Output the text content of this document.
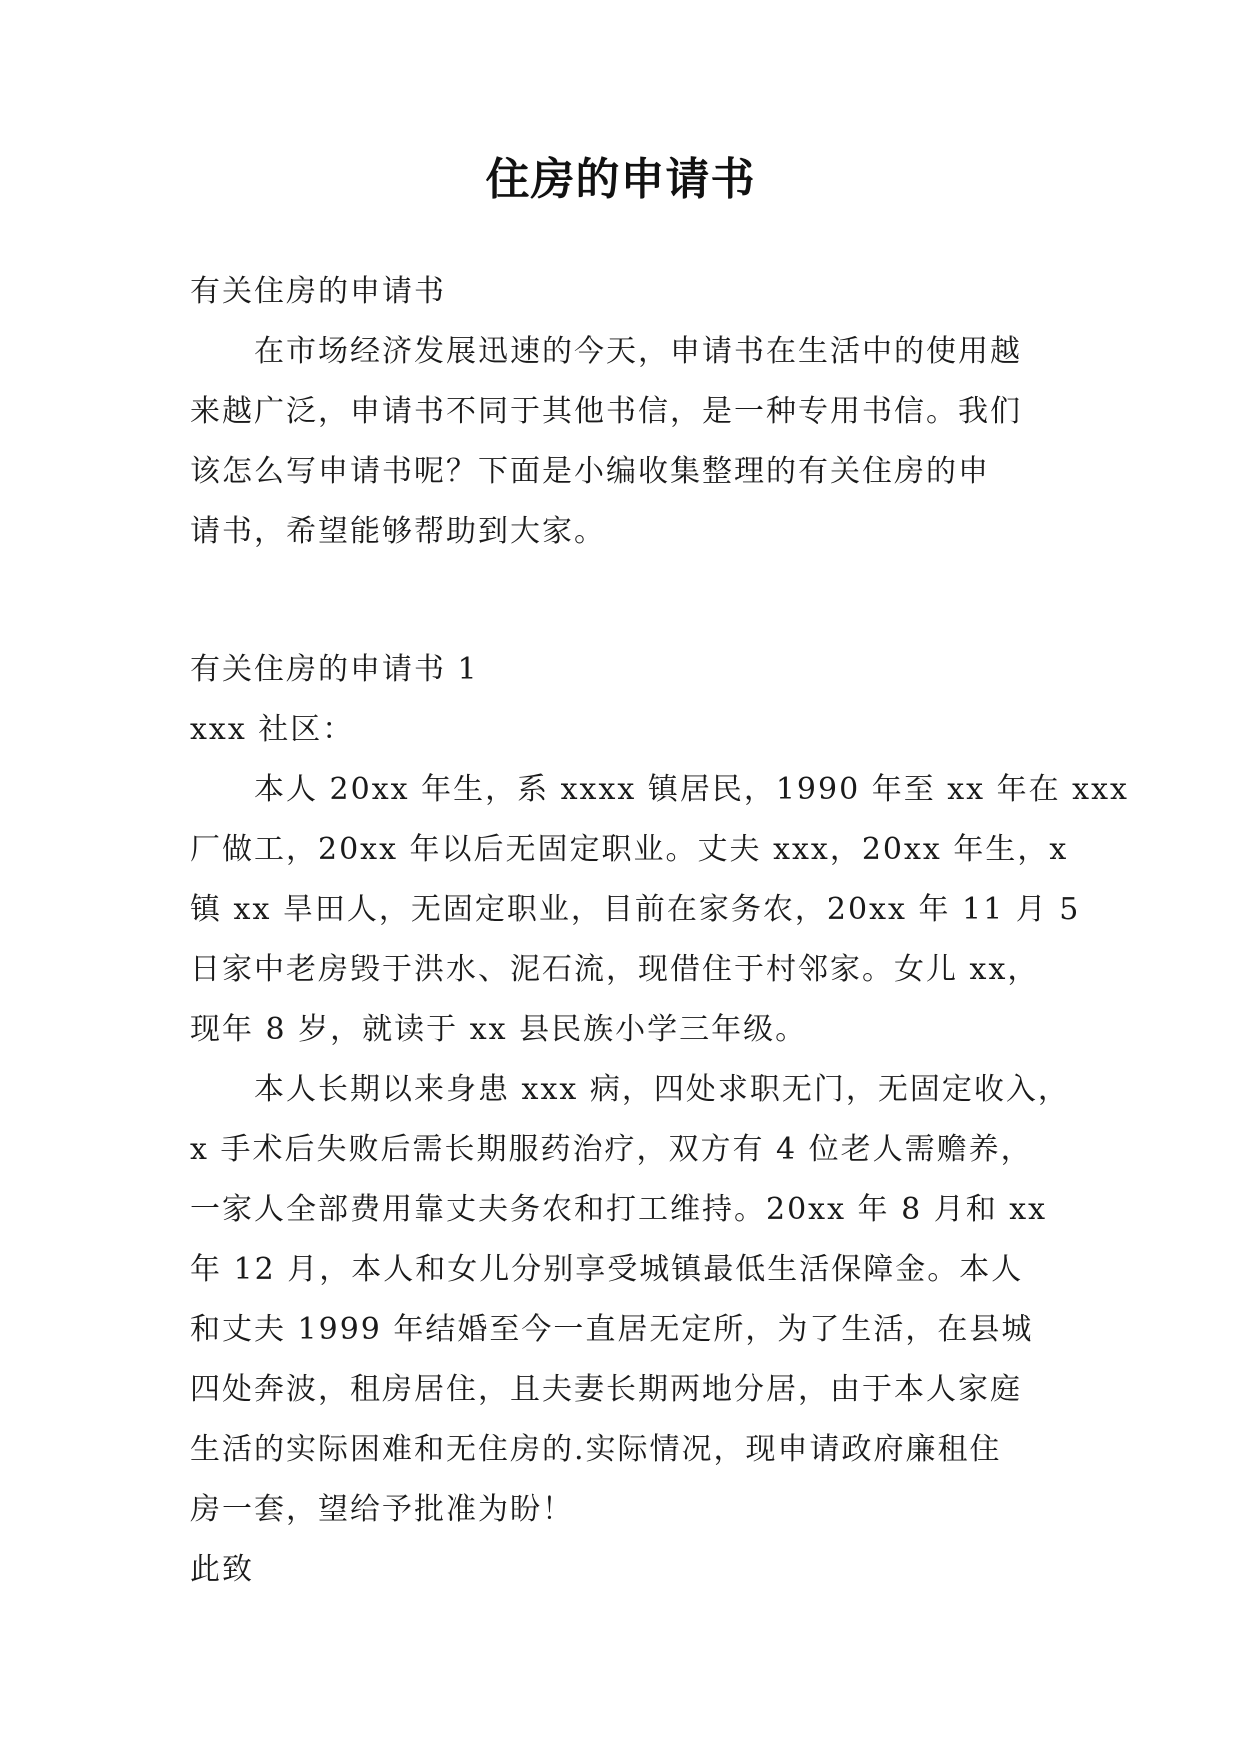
住房的申请书
有关住房的申请书
在市场经济发展迅速的今天，申请书在生活中的使用越
来越广泛，申请书不同于其他书信，是一种专用书信。我们
该怎么写申请书呢？下面是小编收集整理的有关住房的申
请书，希望能够帮助到大家。
有关住房的申请书 1
xxx 社区：
本人 20xx 年生，系 xxxx 镇居民，1990 年至 xx 年在 xxx
厂做工，20xx 年以后无固定职业。丈夫 xxx，20xx 年生，x
镇 xx 旱田人，无固定职业，目前在家务农，20xx 年 11 月 5
日家中老房毁于洪水、泥石流，现借住于村邻家。女儿 xx，
现年 8 岁，就读于 xx 县民族小学三年级。
本人长期以来身患 xxx 病，四处求职无门，无固定收入，
x 手术后失败后需长期服药治疗，双方有 4 位老人需赡养，
一家人全部费用靠丈夫务农和打工维持。20xx 年 8 月和 xx
年 12 月，本人和女儿分别享受城镇最低生活保障金。本人
和丈夫 1999 年结婚至今一直居无定所，为了生活，在县城
四处奔波，租房居住，且夫妻长期两地分居，由于本人家庭
生活的实际困难和无住房的.实际情况，现申请政府廉租住
房一套，望给予批准为盼！
此致
